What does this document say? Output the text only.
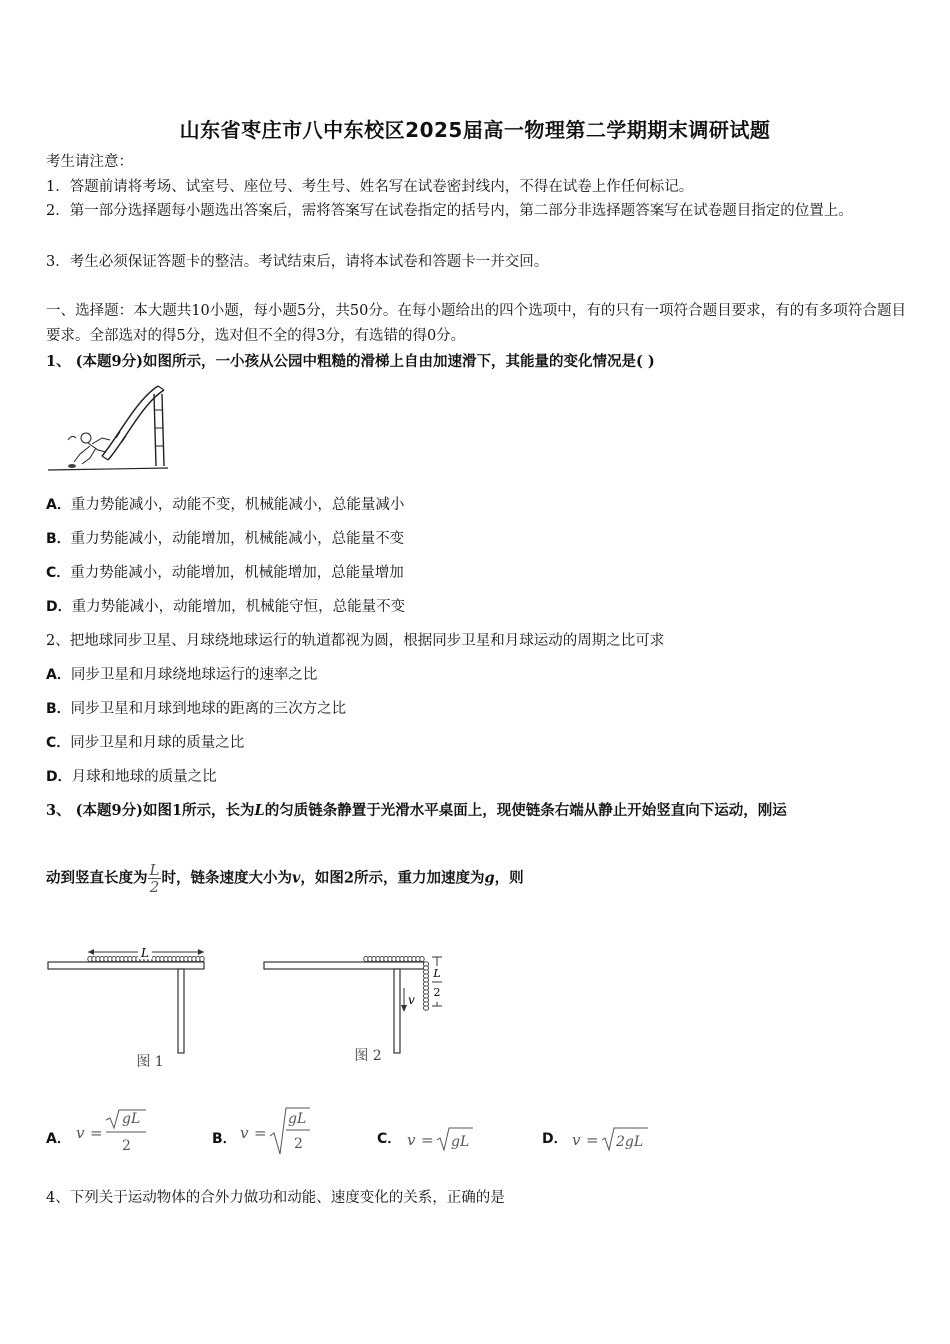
山东省枣庄市八中东校区2025届高一物理第二学期期末调研试题
考生请注意：
1．答题前请将考场、试室号、座位号、考生号、姓名写在试卷密封线内，不得在试卷上作任何标记。
2．第一部分选择题每小题选出答案后，需将答案写在试卷指定的括号内，第二部分非选择题答案写在试卷题目指定的位置上。
3．考生必须保证答题卡的整洁。考试结束后，请将本试卷和答题卡一并交回。
一、选择题：本大题共10小题，每小题5分，共50分。在每小题给出的四个选项中，有的只有一项符合题目要求，有的有多项符合题目要求。全部选对的得5分，选对但不全的得3分，有选错的得0分。
1、 (本题9分)如图所示，一小孩从公园中粗糙的滑梯上自由加速滑下，其能量的变化情况是( )
A．重力势能减小，动能不变，机械能减小，总能量减小
B．重力势能减小，动能增加，机械能减小，总能量不变
C．重力势能减小，动能增加，机械能增加，总能量增加
D．重力势能减小，动能增加，机械能守恒，总能量不变
2、把地球同步卫星、月球绕地球运行的轨道都视为圆，根据同步卫星和月球运动的周期之比可求
A．同步卫星和月球绕地球运行的速率之比
B．同步卫星和月球到地球的距离的三次方之比
C．同步卫星和月球的质量之比
D．月球和地球的质量之比
3、 (本题9分)如图1所示，长为L的匀质链条静置于光滑水平桌面上，现使链条右端从静止开始竖直向下运动，刚运
动到竖直长度为 $\frac{L}{2}$ 时，链条速度大小为v，如图2所示，重力加速度为g，则
L
图 1
v
L
2
图 2
A． v =
gL
2	B． v =
gL
2	C． v = gL	D． v = 2gL
4、下列关于运动物体的合外力做功和动能、速度变化的关系，正确的是
